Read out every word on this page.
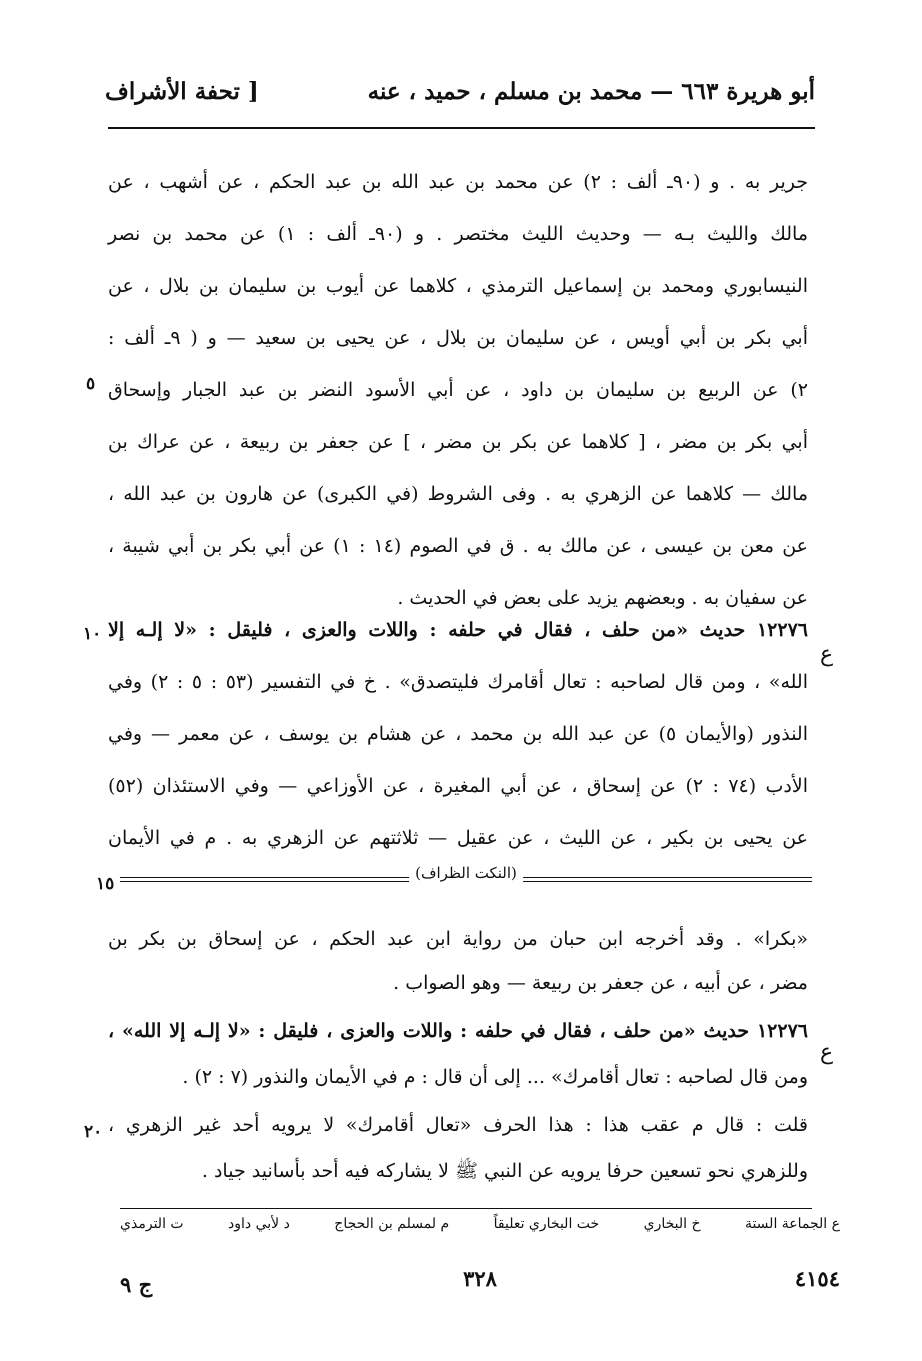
أبو هريرة ٦٦٣ — محمد بن مسلم ، حميد ، عنه
[ تحفة الأشراف
جرير به . و (٩٠ـ ألف : ٢) عن محمد بن عبد الله بن عبد الحكم ، عن أشهب ، عن
مالك والليث بـه — وحديث الليث مختصر . و (٩٠ـ ألف : ١) عن محمد بن نصر
النيسابوري ومحمد بن إسماعيل الترمذي ، كلاهما عن أيوب بن سليمان بن بلال ، عن
أبي بكر بن أبي أويس ، عن سليمان بن بلال ، عن يحيى بن سعيد — و ( ٩ـ ألف :
٢) عن الربيع بن سليمان بن داود ، عن أبي الأسود النضر بن عبد الجبار وإسحاق
أبي بكر بن مضر ، [ كلاهما عن بكر بن مضر ، ] عن جعفر بن ربيعة ، عن عراك بن
مالك — كلاهما عن الزهري به . وفى الشروط (في الكبرى) عن هارون بن عبد الله ،
عن معن بن عيسى ، عن مالك به . ق في الصوم (١٤ : ١) عن أبي بكر بن أبي شيبة ،
عن سفيان به . وبعضهم يزيد على بعض في الحديث .
١٢٢٧٦ حديث «من حلف ، فقال في حلفه : واللات والعزى ، فليقل : «لا إلـه إلا
الله» ، ومن قال لصاحبه : تعال أقامرك فليتصدق» . خ في التفسير (٥٣ : ٥ : ٢) وفي
النذور (والأيمان ٥) عن عبد الله بن محمد ، عن هشام بن يوسف ، عن معمر — وفي
الأدب (٧٤ : ٢) عن إسحاق ، عن أبي المغيرة ، عن الأوزاعي — وفي الاستئذان (٥٢)
عن يحيى بن بكير ، عن الليث ، عن عقيل — ثلاثتهم عن الزهري به . م في الأيمان
٥
١٠
ع
(النكت الظراف)
١٥
«بكرا» . وقد أخرجه ابن حبان من رواية ابن عبد الحكم ، عن إسحاق بن بكر بن
مضر ، عن أبيه ، عن جعفر بن ربيعة — وهو الصواب .
١٢٢٧٦ حديث «من حلف ، فقال في حلفه : واللات والعزى ، فليقل : «لا إلـه إلا الله» ،
ومن قال لصاحبه : تعال أقامرك» ... إلى أن قال : م في الأيمان والنذور (٧ : ٢) .
قلت : قال م عقب هذا : هذا الحرف «تعال أقامرك» لا يرويه أحد غير الزهري ،
وللزهري نحو تسعين حرفا يرويه عن النبي ﷺ لا يشاركه فيه أحد بأسانيد جياد .
ع
٢٠
ع الجماعة الستة
خ البخاري
خت البخاري تعليقاً
م لمسلم بن الحجاج
د لأبي داود
ت الترمذي
ج ٩	٣٢٨	٤١٥٤
